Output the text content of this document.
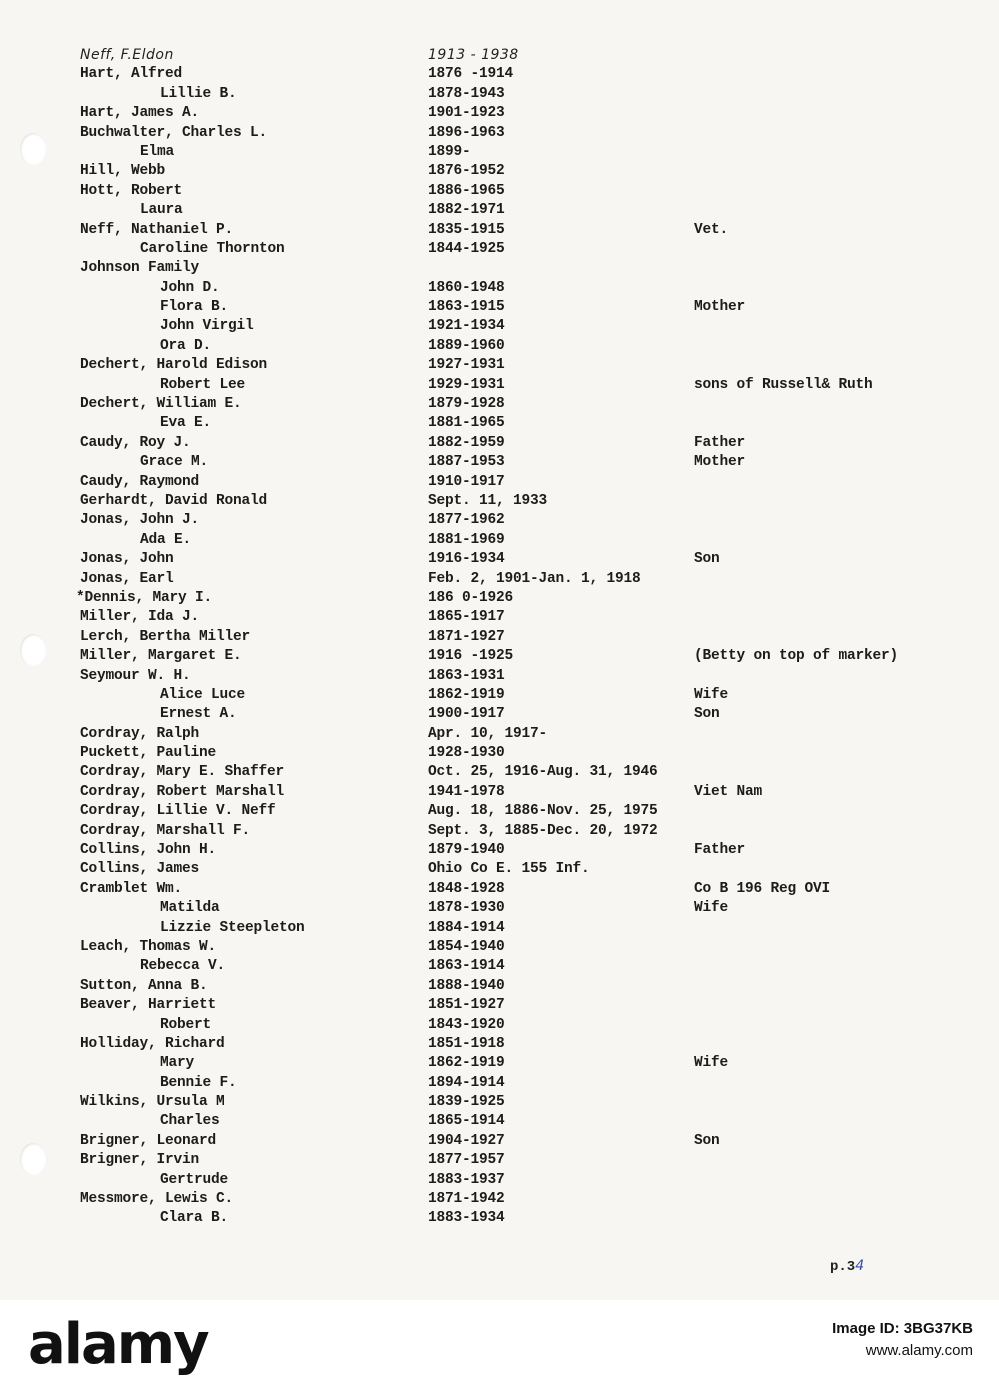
Neff, F.Eldon	1913 - 1938
Hart, Alfred	1876 -1914
Lillie B.	1878-1943
Hart, James A.	1901-1923
Buchwalter, Charles L.	1896-1963
Elma	1899-
Hill, Webb	1876-1952
Hott, Robert	1886-1965
Laura	1882-1971
Neff, Nathaniel P.	1835-1915	Vet.
Caroline Thornton	1844-1925
Johnson Family
John D.	1860-1948
Flora B.	1863-1915	Mother
John Virgil	1921-1934
Ora D.	1889-1960
Dechert, Harold Edison	1927-1931
Robert Lee	1929-1931	sons of Russell& Ruth
Dechert, William E.	1879-1928
Eva E.	1881-1965
Caudy, Roy J.	1882-1959	Father
Grace M.	1887-1953	Mother
Caudy, Raymond	1910-1917
Gerhardt, David Ronald	Sept. 11, 1933
Jonas, John J.	1877-1962
Ada E.	1881-1969
Jonas, John	1916-1934	Son
Jonas, Earl	Feb. 2, 1901-Jan. 1, 1918
*Dennis, Mary I.	186 0-1926
Miller, Ida J.	1865-1917
Lerch, Bertha Miller	1871-1927
Miller, Margaret E.	1916 -1925	(Betty on top of marker)
Seymour W. H.	1863-1931
Alice Luce	1862-1919	Wife
Ernest A.	1900-1917	Son
Cordray, Ralph	Apr. 10, 1917-
Puckett, Pauline	1928-1930
Cordray, Mary E. Shaffer	Oct. 25, 1916-Aug. 31, 1946
Cordray, Robert Marshall	1941-1978	Viet Nam
Cordray, Lillie V. Neff	Aug. 18, 1886-Nov. 25, 1975
Cordray, Marshall F.	Sept. 3, 1885-Dec. 20, 1972
Collins, John H.	1879-1940	Father
Collins, James	Ohio Co E. 155 Inf.
Cramblet Wm.	1848-1928	Co B 196 Reg OVI
Matilda	1878-1930	Wife
Lizzie Steepleton	1884-1914
Leach, Thomas W.	1854-1940
Rebecca V.	1863-1914
Sutton, Anna B.	1888-1940
Beaver, Harriett	1851-1927
Robert	1843-1920
Holliday, Richard	1851-1918
Mary	1862-1919	Wife
Bennie F.	1894-1914
Wilkins, Ursula M	1839-1925
Charles	1865-1914
Brigner, Leonard	1904-1927	Son
Brigner, Irvin	1877-1957
Gertrude	1883-1937
Messmore, Lewis C.	1871-1942
Clara B.	1883-1934
p.34
alamy	Image ID: 3BG37KB
www.alamy.com
